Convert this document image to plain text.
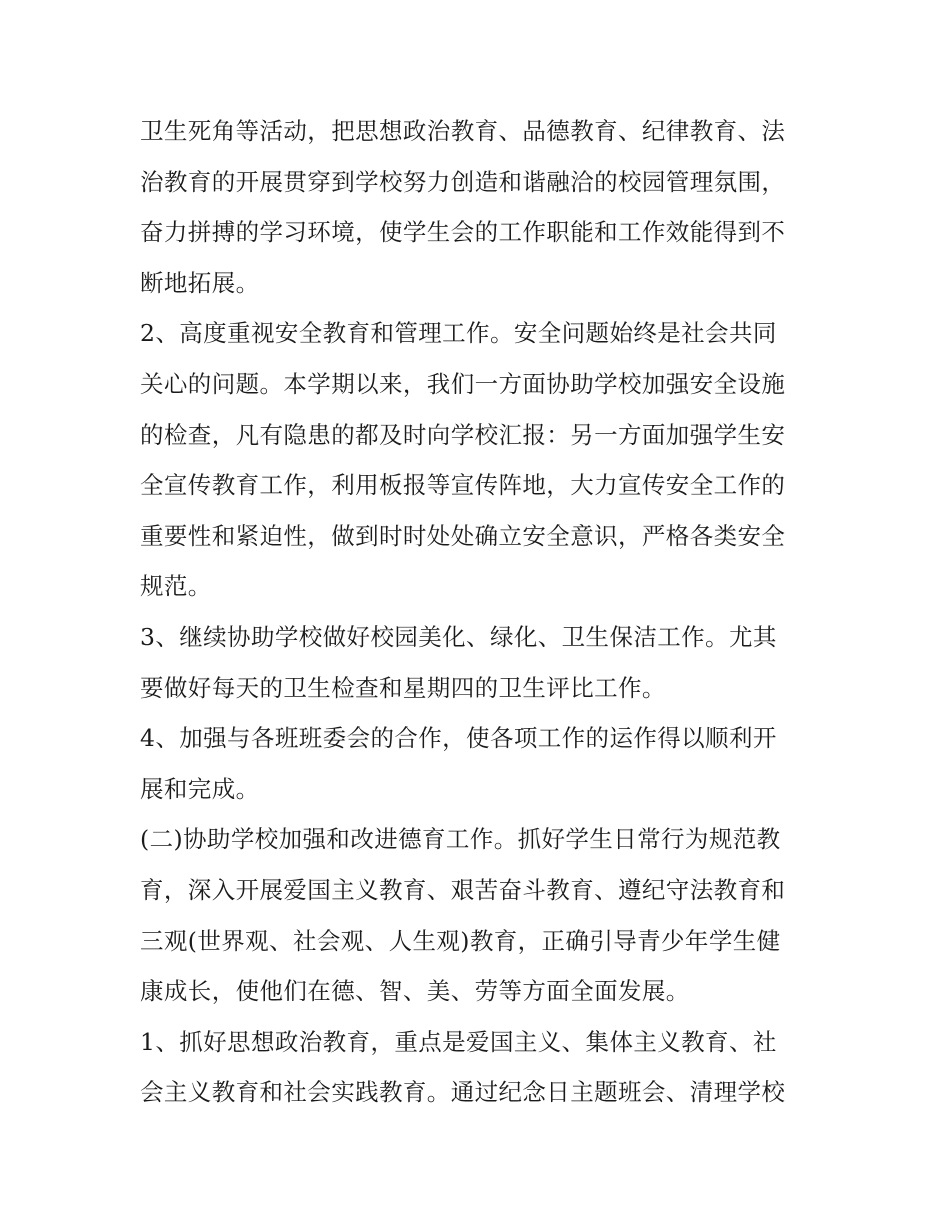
卫生死角等活动，把思想政治教育、品德教育、纪律教育、法
治教育的开展贯穿到学校努力创造和谐融洽的校园管理氛围，
奋力拼搏的学习环境，使学生会的工作职能和工作效能得到不
断地拓展。
2、高度重视安全教育和管理工作。安全问题始终是社会共同
关心的问题。本学期以来，我们一方面协助学校加强安全设施
的检查，凡有隐患的都及时向学校汇报：另一方面加强学生安
全宣传教育工作，利用板报等宣传阵地，大力宣传安全工作的
重要性和紧迫性，做到时时处处确立安全意识，严格各类安全
规范。
3、继续协助学校做好校园美化、绿化、卫生保洁工作。尤其
要做好每天的卫生检查和星期四的卫生评比工作。
4、加强与各班班委会的合作，使各项工作的运作得以顺利开
展和完成。
(二)协助学校加强和改进德育工作。抓好学生日常行为规范教
育，深入开展爱国主义教育、艰苦奋斗教育、遵纪守法教育和
三观(世界观、社会观、人生观)教育，正确引导青少年学生健
康成长，使他们在德、智、美、劳等方面全面发展。
1、抓好思想政治教育，重点是爱国主义、集体主义教育、社
会主义教育和社会实践教育。通过纪念日主题班会、清理学校
